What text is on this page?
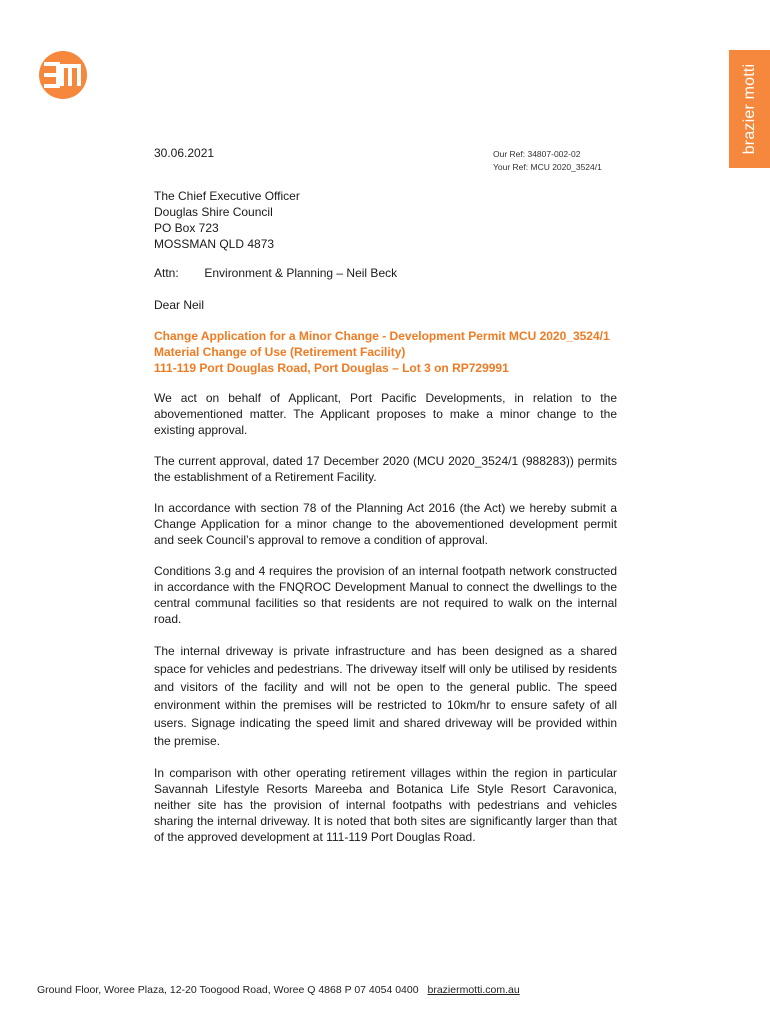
brazier motti
30.06.2021	Our Ref: 34807-002-02
Your Ref: MCU 2020_3524/1
The Chief Executive Officer
Douglas Shire Council
PO Box 723
MOSSMAN QLD 4873
Attn: Environment & Planning – Neil Beck
Dear Neil
Change Application for a Minor Change - Development Permit MCU 2020_3524/1
Material Change of Use (Retirement Facility)
111-119 Port Douglas Road, Port Douglas – Lot 3 on RP729991

We act on behalf of Applicant, Port Pacific Developments, in relation to the abovementioned matter. The Applicant proposes to make a minor change to the existing approval.

The current approval, dated 17 December 2020 (MCU 2020_3524/1 (988283)) permits the establishment of a Retirement Facility.

In accordance with section 78 of the Planning Act 2016 (the Act) we hereby submit a Change Application for a minor change to the abovementioned development permit and seek Council’s approval to remove a condition of approval.

Conditions 3.g and 4 requires the provision of an internal footpath network constructed in accordance with the FNQROC Development Manual to connect the dwellings to the central communal facilities so that residents are not required to walk on the internal road.

The internal driveway is private infrastructure and has been designed as a shared space for vehicles and pedestrians. The driveway itself will only be utilised by residents and visitors of the facility and will not be open to the general public. The speed environment within the premises will be restricted to 10km/hr to ensure safety of all users. Signage indicating the speed limit and shared driveway will be provided within the premise.

In comparison with other operating retirement villages within the region in particular Savannah Lifestyle Resorts Mareeba and Botanica Life Style Resort Caravonica, neither site has the provision of internal footpaths with pedestrians and vehicles sharing the internal driveway. It is noted that both sites are significantly larger than that of the approved development at 111-119 Port Douglas Road.

Ground Floor, Woree Plaza, 12-20 Toogood Road, Woree Q 4868 P 07 4054 0400 braziermotti.com.au
